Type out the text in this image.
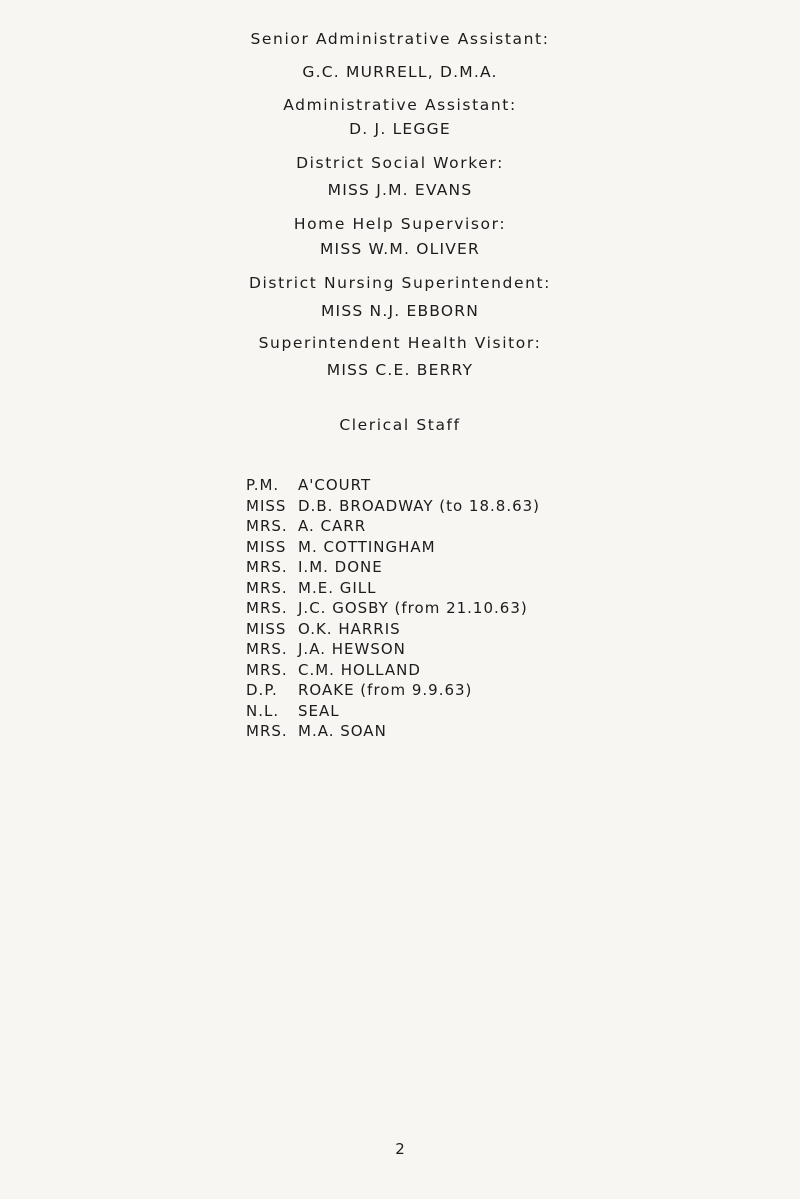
Senior Administrative Assistant:
G.C. MURRELL, D.M.A.
Administrative Assistant:
D. J. LEGGE
District Social Worker:
MISS J.M. EVANS
Home Help Supervisor:
MISS W.M. OLIVER
District Nursing Superintendent:
MISS N.J. EBBORN
Superintendent Health Visitor:
MISS C.E. BERRY
Clerical Staff
P.M. A'COURT
MISS D.B. BROADWAY (to 18.8.63)
MRS. A. CARR
MISS M. COTTINGHAM
MRS. I.M. DONE
MRS. M.E. GILL
MRS. J.C. GOSBY (from 21.10.63)
MISS O.K. HARRIS
MRS. J.A. HEWSON
MRS. C.M. HOLLAND
D.P. ROAKE (from 9.9.63)
N.L. SEAL
MRS. M.A. SOAN
2
